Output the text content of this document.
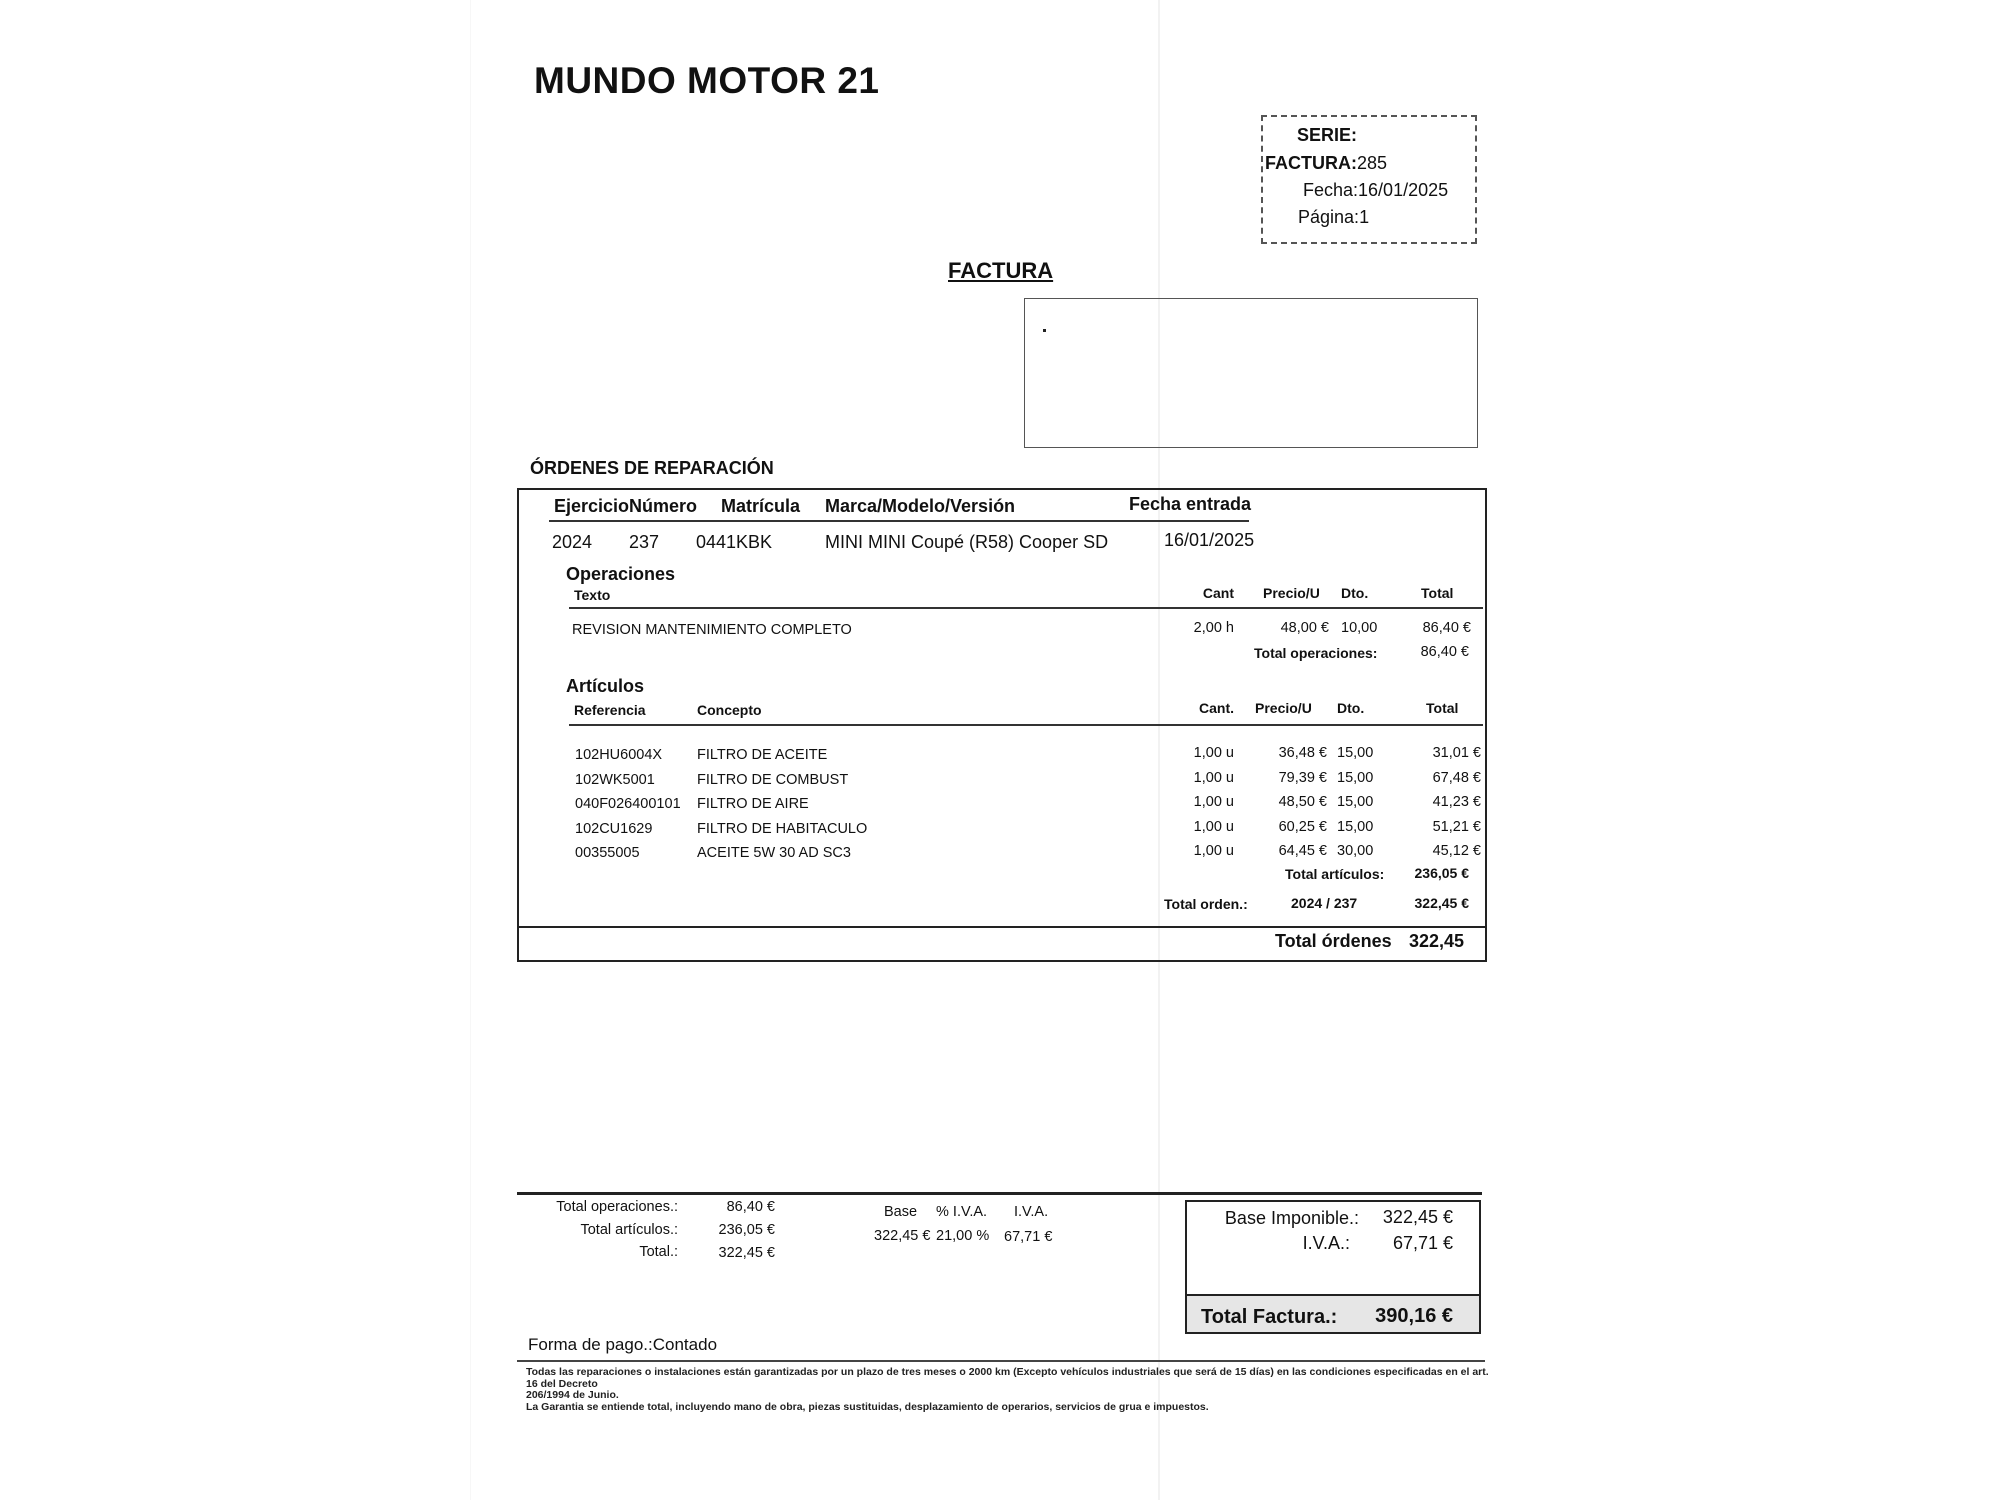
MUNDO MOTOR 21
SERIE:
FACTURA:285
Fecha:16/01/2025
Página:1
FACTURA
ÓRDENES DE REPARACIÓN
Ejercicio Número Matrícula Marca/Modelo/Versión	Fecha entrada
2024 237 0441KBK	MINI MINI Coupé (R58) Cooper SD	16/01/2025
Operaciones
Texto	Cant Precio/U Dto.	Total
REVISION MANTENIMIENTO COMPLETO	2,00 h	48,00 € 10,00	86,40 €
Total operaciones:	86,40 €
Artículos
Referencia	Concepto	Cant. Precio/U Dto.	Total
102HU6004X FILTRO DE ACEITE	1,00 u	36,48 € 15,00	31,01 €
102WK5001	FILTRO DE COMBUST	1,00 u	79,39 € 15,00	67,48 €
040F026400101 FILTRO DE AIRE	1,00 u	48,50 € 15,00	41,23 €
102CU1629	FILTRO DE HABITACULO	1,00 u	60,25 € 15,00	51,21 €
00355005	ACEITE 5W 30 AD SC3	1,00 u	64,45 € 30,00	45,12 €
Total artículos:	236,05 €
Total orden.:	2024 / 237	322,45 €
Total órdenes 322,45
Total operaciones.:	86,40 €
Total artículos.:	236,05 €
Total.:	322,45 €
Base % I.V.A. I.V.A.
322,45 € 21,00 % 67,71 €
Base Imponible.:	322,45 €
I.V.A.:	67,71 €
Total Factura.:	390,16 €
Forma de pago.:Contado
Todas las reparaciones o instalaciones están garantizadas por un plazo de tres meses o 2000 km (Excepto vehículos industriales que será de 15 días) en las condiciones especificadas en el art.
16 del Decreto
206/1994 de Junio.
La Garantia se entiende total, incluyendo mano de obra, piezas sustituidas, desplazamiento de operarios, servicios de grua e impuestos.
